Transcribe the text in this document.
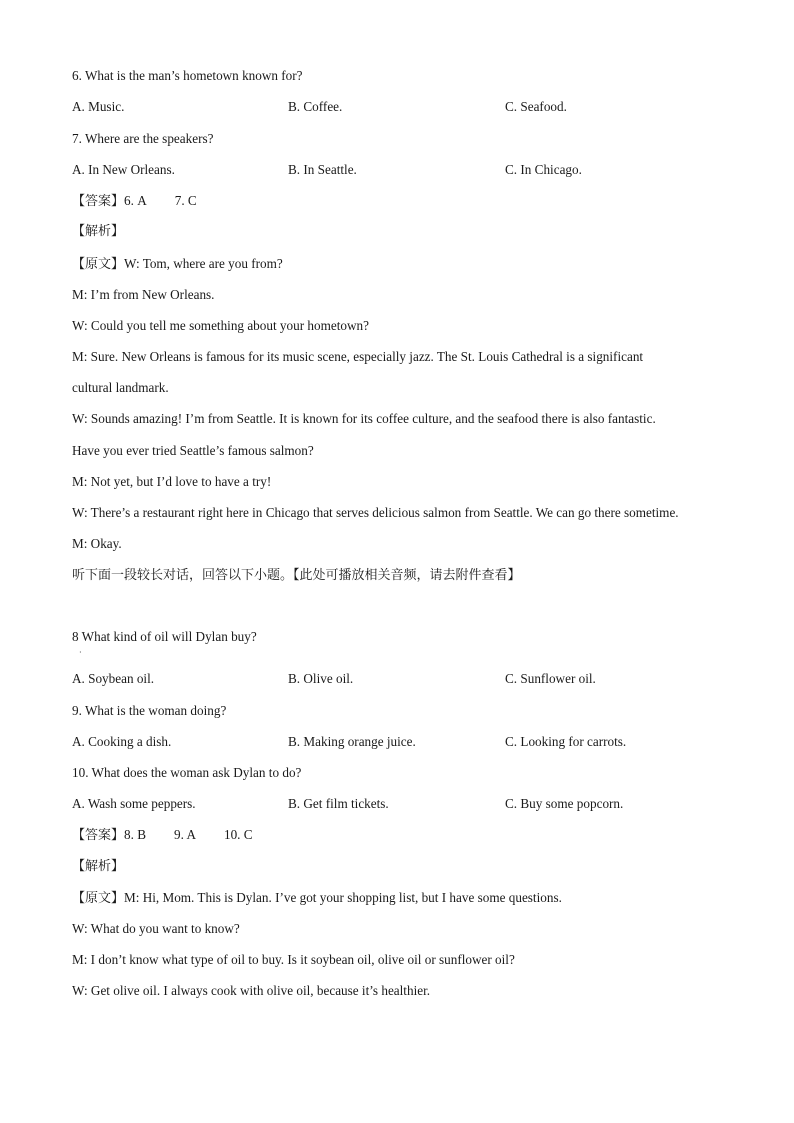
6. What is the man’s hometown known for?
A. Music.	B. Coffee.	C. Seafood.
7. Where are the speakers?
A. In New Orleans.	B. In Seattle.	C. In Chicago.
【答案】6. A 7. C
【解析】
【原文】W: Tom, where are you from?
M: I’m from New Orleans.
W: Could you tell me something about your hometown?
M: Sure. New Orleans is famous for its music scene, especially jazz. The St. Louis Cathedral is a significant
cultural landmark.
W: Sounds amazing! I’m from Seattle. It is known for its coffee culture, and the seafood there is also fantastic.
Have you ever tried Seattle’s famous salmon?
M: Not yet, but I’d love to have a try!
W: There’s a restaurant right here in Chicago that serves delicious salmon from Seattle. We can go there sometime.
M: Okay.
听下面一段较长对话，回答以下小题。【此处可播放相关音频，请去附件查看】
8 What kind of oil will Dylan buy?
·
A. Soybean oil.	B. Olive oil.	C. Sunflower oil.
9. What is the woman doing?
A. Cooking a dish.	B. Making orange juice.	C. Looking for carrots.
10. What does the woman ask Dylan to do?
A. Wash some peppers.	B. Get film tickets.	C. Buy some popcorn.
【答案】8. B 9. A 10. C
【解析】
【原文】M: Hi, Mom. This is Dylan. I’ve got your shopping list, but I have some questions.
W: What do you want to know?
M: I don’t know what type of oil to buy. Is it soybean oil, olive oil or sunflower oil?
W: Get olive oil. I always cook with olive oil, because it’s healthier.
